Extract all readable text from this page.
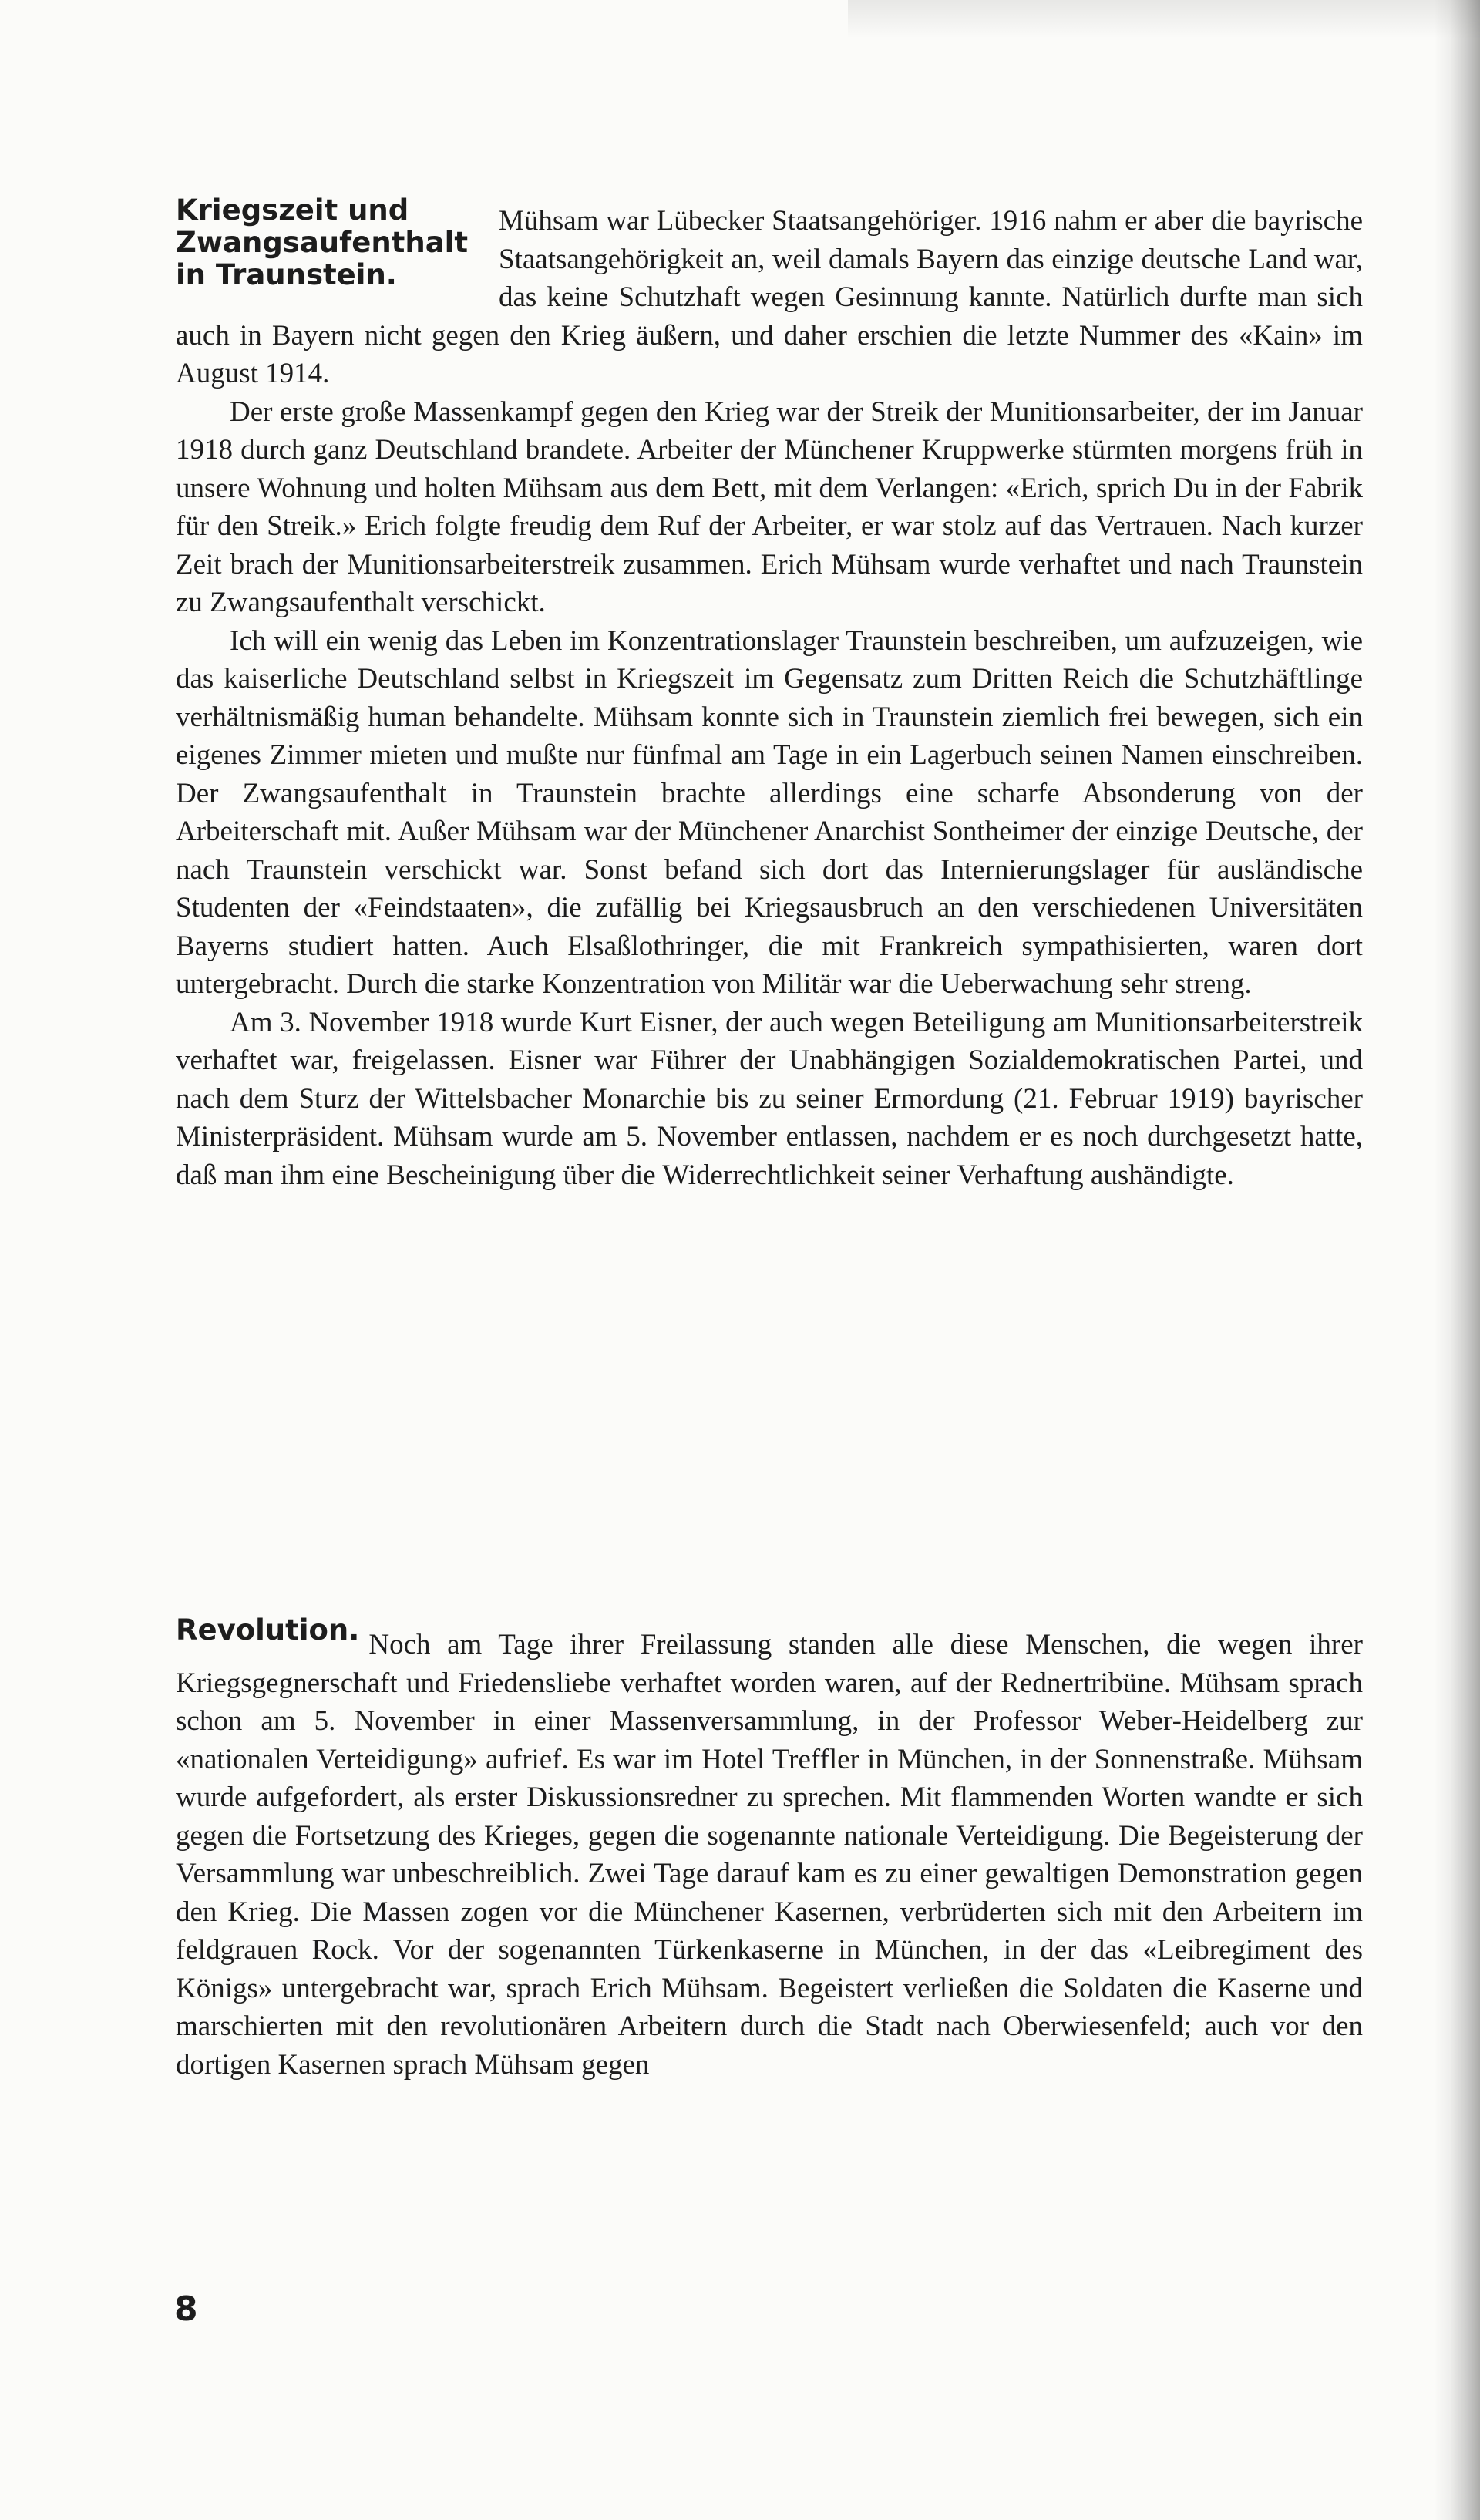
Kriegszeit und Zwangsaufenthalt in Traunstein.

Mühsam war Lübecker Staatsangehöriger. 1916 nahm er aber die bayrische Staatsangehörigkeit an, weil damals Bayern das einzige deutsche Land war, das keine Schutzhaft wegen Gesinnung kannte. Natürlich durfte man sich auch in Bayern nicht gegen den Krieg äußern, und daher erschien die letzte Nummer des «Kain» im August 1914.

Der erste große Massenkampf gegen den Krieg war der Streik der Munitionsarbeiter, der im Januar 1918 durch ganz Deutschland brandete. Arbeiter der Münchener Kruppwerke stürmten morgens früh in unsere Wohnung und holten Mühsam aus dem Bett, mit dem Verlangen: «Erich, sprich Du in der Fabrik für den Streik.» Erich folgte freudig dem Ruf der Arbeiter, er war stolz auf das Vertrauen. Nach kurzer Zeit brach der Munitionsarbeiterstreik zusammen. Erich Mühsam wurde verhaftet und nach Traunstein zu Zwangsaufenthalt verschickt.

Ich will ein wenig das Leben im Konzentrationslager Traunstein beschreiben, um aufzuzeigen, wie das kaiserliche Deutschland selbst in Kriegszeit im Gegensatz zum Dritten Reich die Schutzhäftlinge verhältnismäßig human behandelte. Mühsam konnte sich in Traunstein ziemlich frei bewegen, sich ein eigenes Zimmer mieten und mußte nur fünfmal am Tage in ein Lagerbuch seinen Namen einschreiben. Der Zwangsaufenthalt in Traunstein brachte allerdings eine scharfe Absonderung von der Arbeiterschaft mit. Außer Mühsam war der Münchener Anarchist Sontheimer der einzige Deutsche, der nach Traunstein verschickt war. Sonst befand sich dort das Internierungslager für ausländische Studenten der «Feindstaaten», die zufällig bei Kriegsausbruch an den verschiedenen Universitäten Bayerns studiert hatten. Auch Elsaßlothringer, die mit Frankreich sympathisierten, waren dort untergebracht. Durch die starke Konzentration von Militär war die Ueberwachung sehr streng.

Am 3. November 1918 wurde Kurt Eisner, der auch wegen Beteiligung am Munitionsarbeiterstreik verhaftet war, freigelassen. Eisner war Führer der Unabhängigen Sozialdemokratischen Partei, und nach dem Sturz der Wittelsbacher Monarchie bis zu seiner Ermordung (21. Februar 1919) bayrischer Ministerpräsident. Mühsam wurde am 5. November entlassen, nachdem er es noch durchgesetzt hatte, daß man ihm eine Bescheinigung über die Widerrechtlichkeit seiner Verhaftung aushändigte.

Revolution. Noch am Tage ihrer Freilassung standen alle diese Menschen, die wegen ihrer Kriegsgegnerschaft und Friedensliebe verhaftet worden waren, auf der Rednertribüne. Mühsam sprach schon am 5. November in einer Massenversammlung, in der Professor Weber-Heidelberg zur «nationalen Verteidigung» aufrief. Es war im Hotel Treffler in München, in der Sonnenstraße. Mühsam wurde aufgefordert, als erster Diskussionsredner zu sprechen. Mit flammenden Worten wandte er sich gegen die Fortsetzung des Krieges, gegen die sogenannte nationale Verteidigung. Die Begeisterung der Versammlung war unbeschreiblich. Zwei Tage darauf kam es zu einer gewaltigen Demonstration gegen den Krieg. Die Massen zogen vor die Münchener Kasernen, verbrüderten sich mit den Arbeitern im feldgrauen Rock. Vor der sogenannten Türkenkaserne in München, in der das «Leibregiment des Königs» untergebracht war, sprach Erich Mühsam. Begeistert verließen die Soldaten die Kaserne und marschierten mit den revolutionären Arbeitern durch die Stadt nach Oberwiesenfeld; auch vor den dortigen Kasernen sprach Mühsam gegen

8
